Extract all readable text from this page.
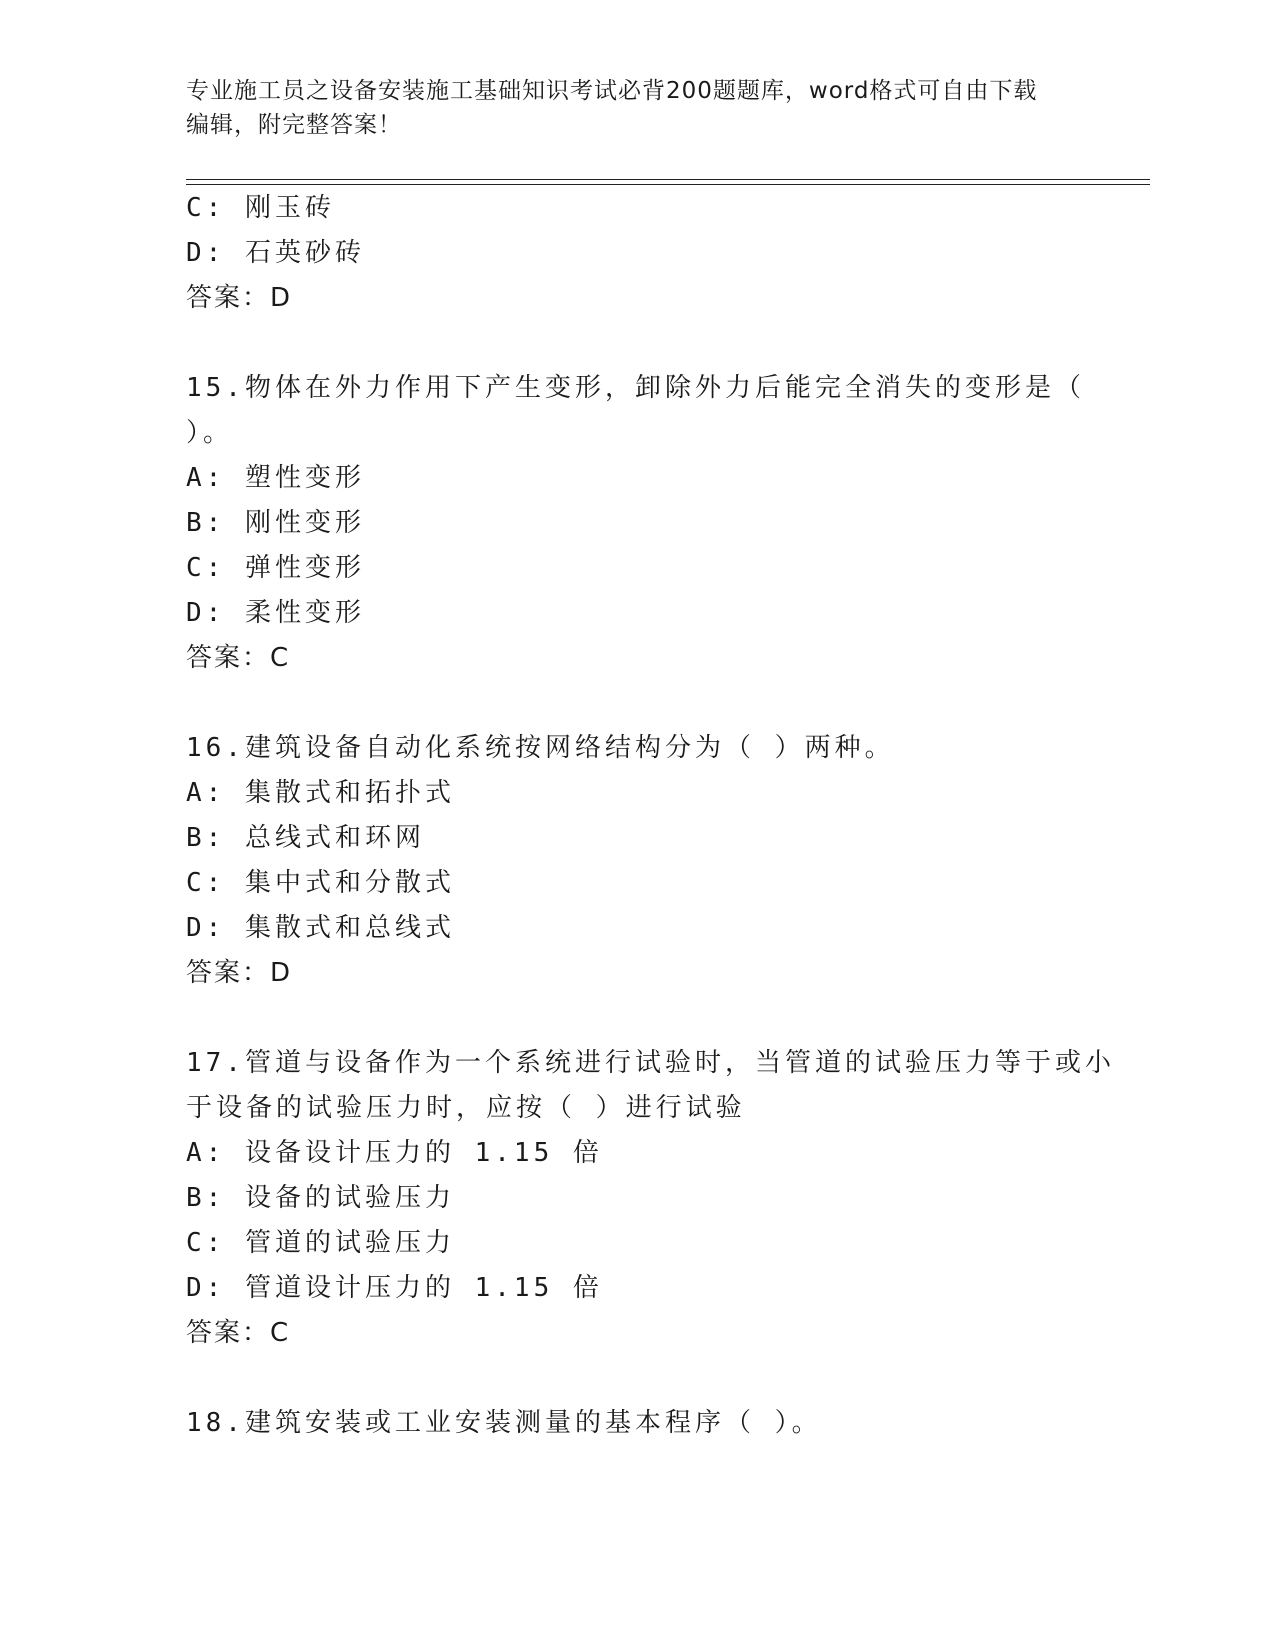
专业施工员之设备安装施工基础知识考试必背200题题库，word格式可自由下载
编辑，附完整答案！
C: 刚玉砖
D: 石英砂砖
答案：D
15.物体在外力作用下产生变形，卸除外力后能完全消失的变形是（
）。
A: 塑性变形
B: 刚性变形
C: 弹性变形
D: 柔性变形
答案：C
16.建筑设备自动化系统按网络结构分为（ ）两种。
A: 集散式和拓扑式
B: 总线式和环网
C: 集中式和分散式
D: 集散式和总线式
答案：D
17.管道与设备作为一个系统进行试验时，当管道的试验压力等于或小
于设备的试验压力时，应按（ ）进行试验
A: 设备设计压力的 1.15 倍
B: 设备的试验压力
C: 管道的试验压力
D: 管道设计压力的 1.15 倍
答案：C
18.建筑安装或工业安装测量的基本程序（ ）。
